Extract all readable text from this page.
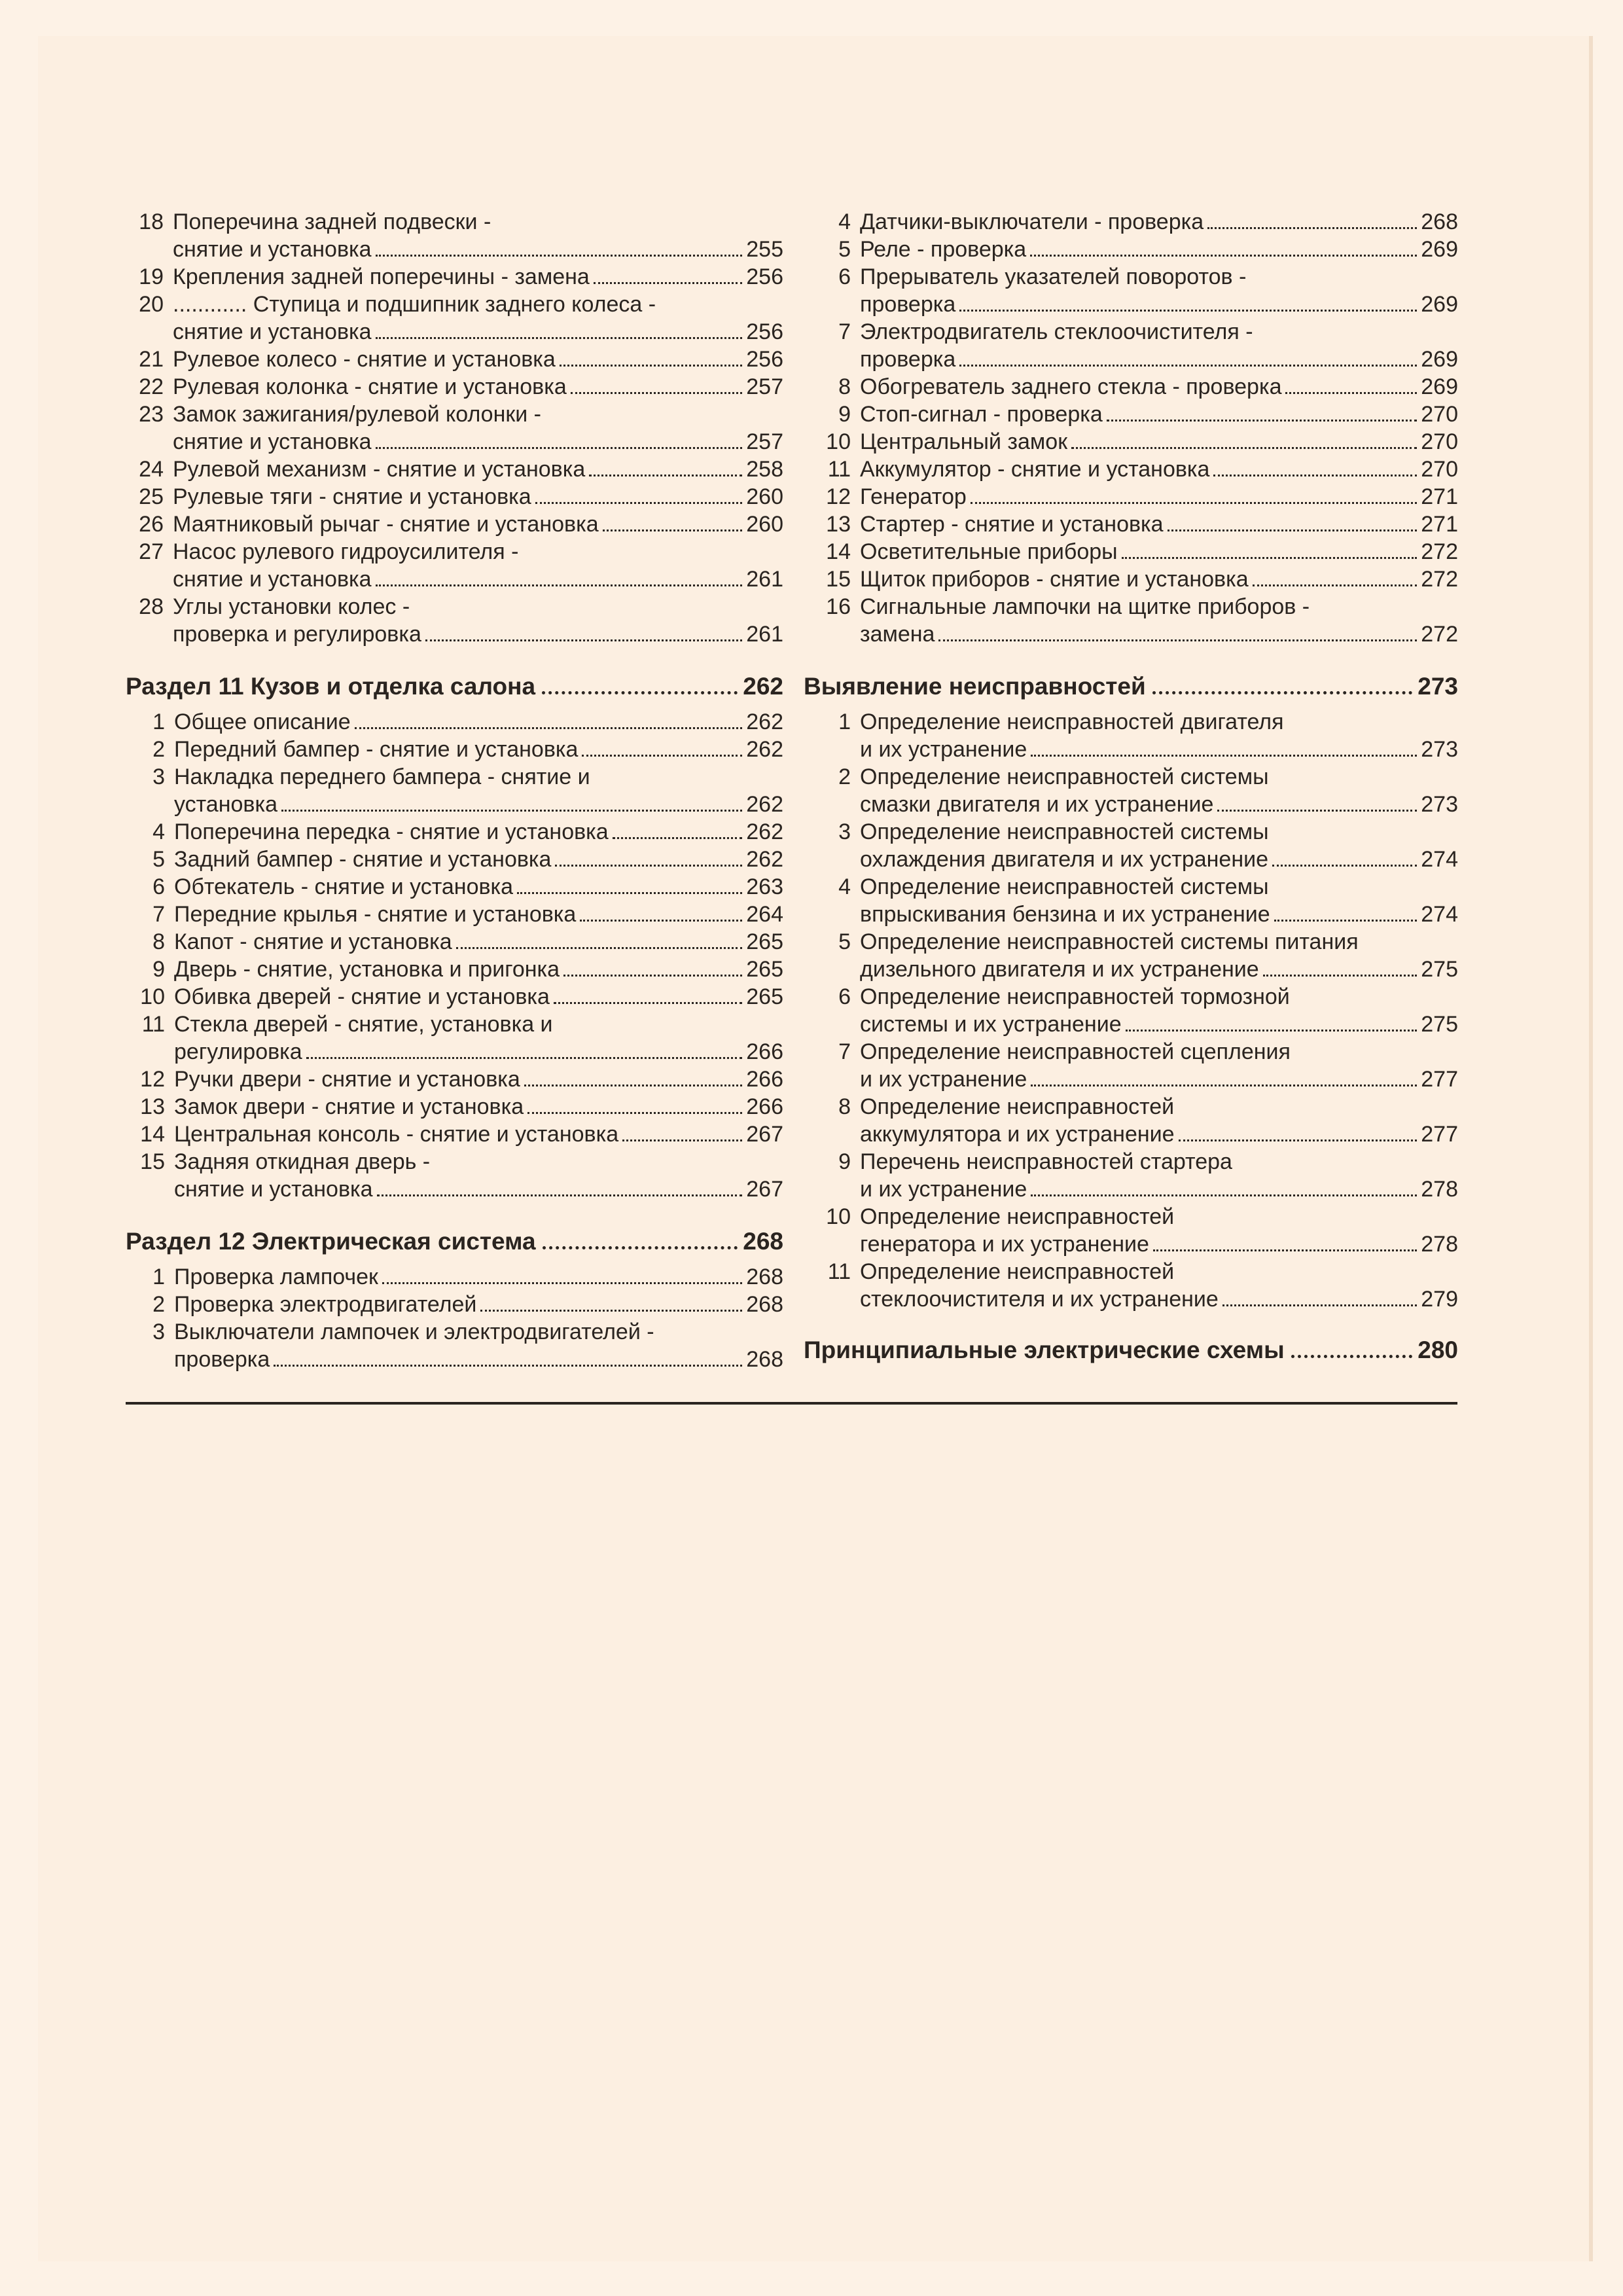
18 Поперечина задней подвески -
снятие и установка	255
19 Крепления задней поперечины - замена	256
20 ............ Ступица и подшипник заднего колеса -
снятие и установка	256
21 Рулевое колесо - снятие и установка	256
22 Рулевая колонка - снятие и установка	257
23 Замок зажигания/рулевой колонки -
снятие и установка	257
24 Рулевой механизм - снятие и установка	258
25 Рулевые тяги - снятие и установка	260
26 Маятниковый рычаг - снятие и установка	260
27 Насос рулевого гидроусилителя -
снятие и установка	261
28 Углы установки колес -
проверка и регулировка	261
Раздел 11 Кузов и отделка салона	262
1 Общее описание	262
2 Передний бампер - снятие и установка	262
3 Накладка переднего бампера - снятие и
установка	262
4 Поперечина передка - снятие и установка	262
5 Задний бампер - снятие и установка	262
6 Обтекатель - снятие и установка	263
7 Передние крылья - снятие и установка	264
8 Капот - снятие и установка	265
9 Дверь - снятие, установка и пригонка	265
10 Обивка дверей - снятие и установка	265
11 Стекла дверей - снятие, установка и
регулировка	266
12 Ручки двери - снятие и установка	266
13 Замок двери - снятие и установка	266
14 Центральная консоль - снятие и установка	267
15 Задняя откидная дверь -
снятие и установка	267
Раздел 12 Электрическая система	268
1 Проверка лампочек	268
2 Проверка электродвигателей	268
3 Выключатели лампочек и электродвигателей -
проверка	268
4 Датчики-выключатели - проверка	268
5 Реле - проверка	269
6 Прерыватель указателей поворотов -
проверка	269
7 Электродвигатель стеклоочистителя -
проверка	269
8 Обогреватель заднего стекла - проверка	269
9 Стоп-сигнал - проверка	270
10 Центральный замок	270
11 Аккумулятор - снятие и установка	270
12 Генератор	271
13 Стартер - снятие и установка	271
14 Осветительные приборы	272
15 Щиток приборов - снятие и установка	272
16 Сигнальные лампочки на щитке приборов -
замена	272
Выявление неисправностей	273
1 Определение неисправностей двигателя
и их устранение	273
2 Определение неисправностей системы
смазки двигателя и их устранение	273
3 Определение неисправностей системы
охлаждения двигателя и их устранение	274
4 Определение неисправностей системы
впрыскивания бензина и их устранение	274
5 Определение неисправностей системы питания
дизельного двигателя и их устранение	275
6 Определение неисправностей тормозной
системы и их устранение	275
7 Определение неисправностей сцепления
и их устранение	277
8 Определение неисправностей
аккумулятора и их устранение	277
9 Перечень неисправностей стартера
и их устранение	278
10 Определение неисправностей
генератора и их устранение	278
11 Определение неисправностей
стеклоочистителя и их устранение	279
Принципиальные электрические схемы	280
